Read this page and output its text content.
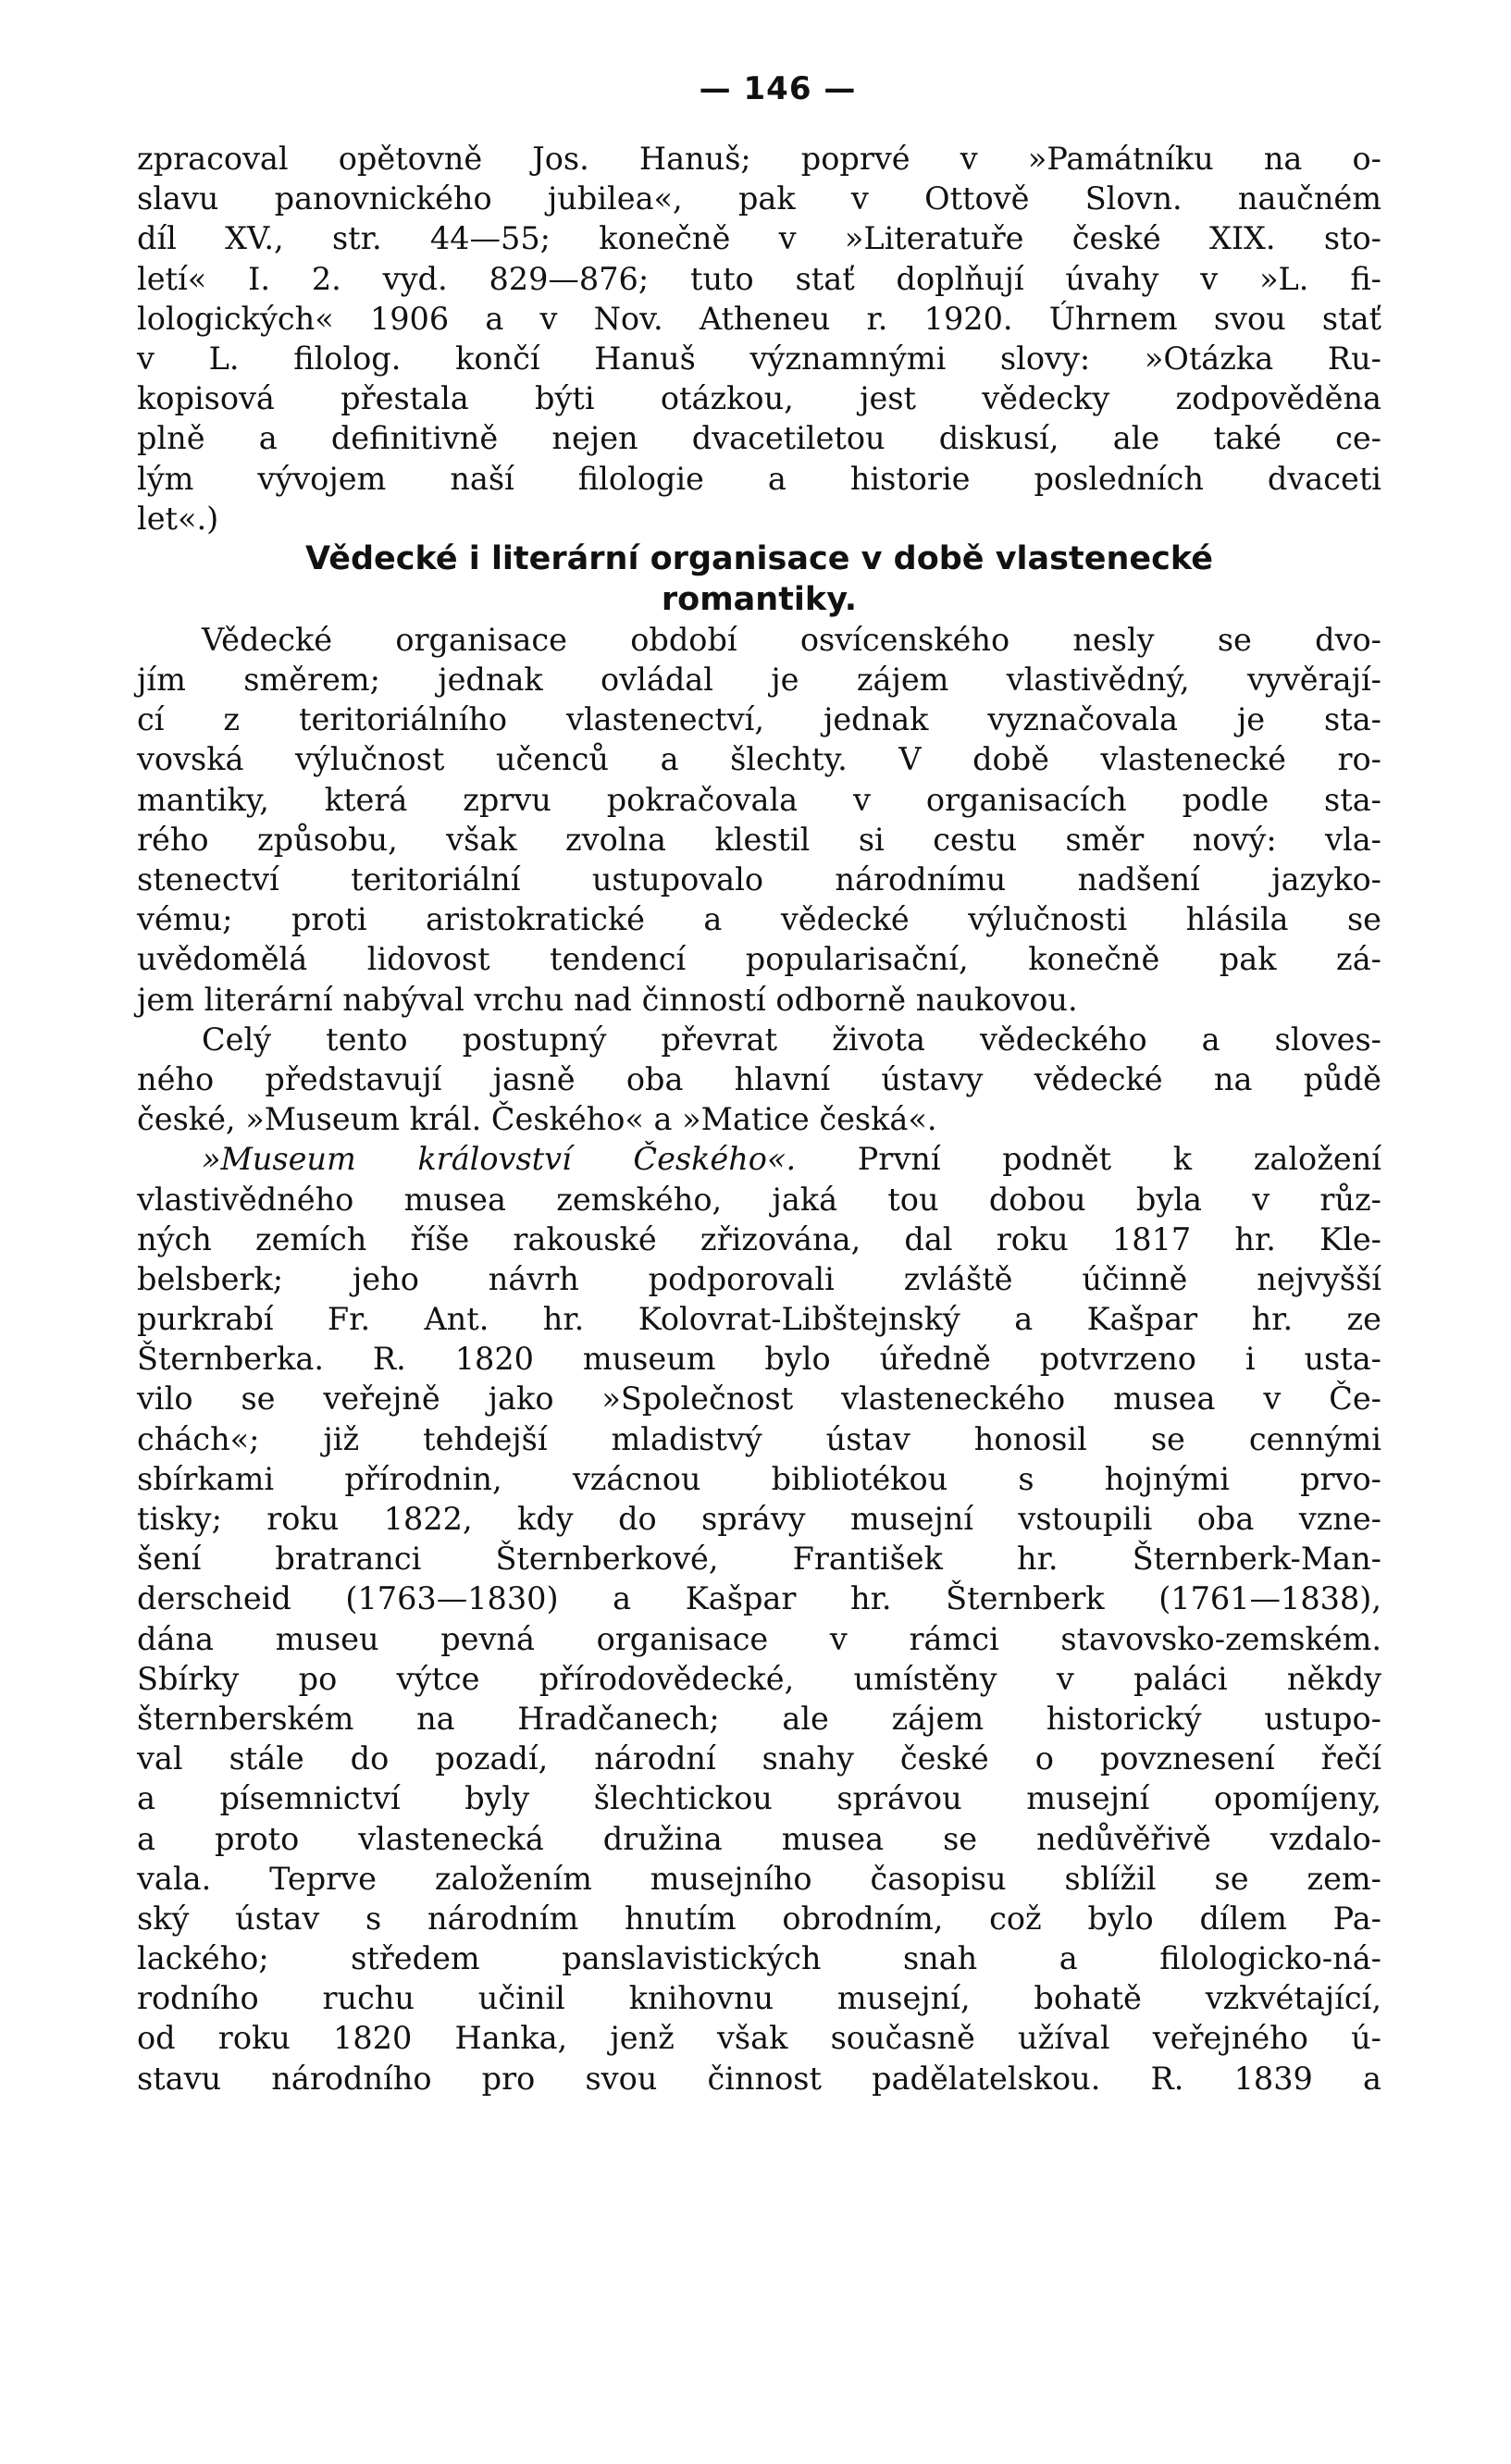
— 146 —
zpracoval opětovně Jos. Hanuš; poprvé v »Památníku na o-
slavu panovnického jubilea«, pak v Ottově Slovn. naučném
díl XV., str. 44—55; konečně v »Literatuře české XIX. sto-
letí« I. 2. vyd. 829—876; tuto stať doplňují úvahy v »L. fi-
lologických« 1906 a v Nov. Atheneu r. 1920. Úhrnem svou stať
v L. filolog. končí Hanuš významnými slovy: »Otázka Ru-
kopisová přestala býti otázkou, jest vědecky zodpověděna
plně a definitivně nejen dvacetiletou diskusí, ale také ce-
lým vývojem naší filologie a historie posledních dvaceti
let«.)
Vědecké i literární organisace v době vlastenecké
romantiky.
Vědecké organisace období osvícenského nesly se dvo-
jím směrem; jednak ovládal je zájem vlastivědný, vyvěrají-
cí z teritoriálního vlastenectví, jednak vyznačovala je sta-
vovská výlučnost učenců a šlechty. V době vlastenecké ro-
mantiky, která zprvu pokračovala v organisacích podle sta-
rého způsobu, však zvolna klestil si cestu směr nový: vla-
stenectví teritoriální ustupovalo národnímu nadšení jazyko-
vému; proti aristokratické a vědecké výlučnosti hlásila se
uvědomělá lidovost tendencí popularisační, konečně pak zá-
jem literární nabýval vrchu nad činností odborně naukovou.
Celý tento postupný převrat života vědeckého a sloves-
ného představují jasně oba hlavní ústavy vědecké na půdě
české, »Museum král. Českého« a »Matice česká«.
»Museum království Českého«. První podnět k založení
vlastivědného musea zemského, jaká tou dobou byla v růz-
ných zemích říše rakouské zřizována, dal roku 1817 hr. Kle-
belsberk; jeho návrh podporovali zvláště účinně nejvyšší
purkrabí Fr. Ant. hr. Kolovrat-Libštejnský a Kašpar hr. ze
Šternberka. R. 1820 museum bylo úředně potvrzeno i usta-
vilo se veřejně jako »Společnost vlasteneckého musea v Če-
chách«; již tehdejší mladistvý ústav honosil se cennými
sbírkami přírodnin, vzácnou bibliotékou s hojnými prvo-
tisky; roku 1822, kdy do správy musejní vstoupili oba vzne-
šení bratranci Šternberkové, František hr. Šternberk-Man-
derscheid (1763—1830) a Kašpar hr. Šternberk (1761—1838),
dána museu pevná organisace v rámci stavovsko-zemském.
Sbírky po výtce přírodovědecké, umístěny v paláci někdy
šternberském na Hradčanech; ale zájem historický ustupo-
val stále do pozadí, národní snahy české o povznesení řečí
a písemnictví byly šlechtickou správou musejní opomíjeny,
a proto vlastenecká družina musea se nedůvěřivě vzdalo-
vala. Teprve založením musejního časopisu sblížil se zem-
ský ústav s národním hnutím obrodním, což bylo dílem Pa-
lackého; středem panslavistických snah a filologicko-ná-
rodního ruchu učinil knihovnu musejní, bohatě vzkvétající,
od roku 1820 Hanka, jenž však současně užíval veřejného ú-
stavu národního pro svou činnost padělatelskou. R. 1839 a
